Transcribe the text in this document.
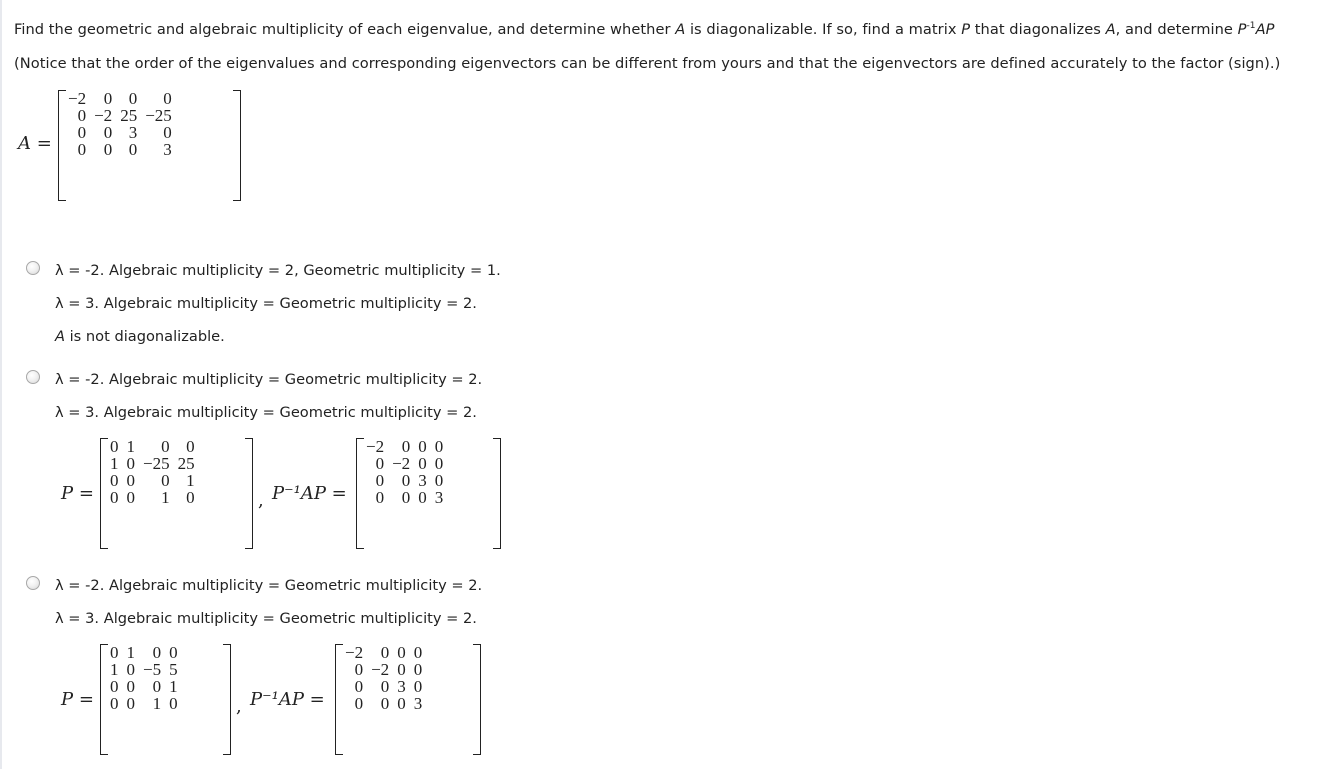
Find the geometric and algebraic multiplicity of each eigenvalue, and determine whether A is diagonalizable. If so, find a matrix P that diagonalizes A, and determine $P^{-1}AP$
(Notice that the order of the eigenvalues and corresponding eigenvectors can be different from yours and that the eigenvectors are defined accurately to the factor (sign).)
A =
−2	0	0	0
0	−2	25	−25
0	0	3	0
0	0	0	3
λ = -2. Algebraic multiplicity = 2, Geometric multiplicity = 1.
λ = 3. Algebraic multiplicity = Geometric multiplicity = 2.
A is not diagonalizable.
λ = -2. Algebraic multiplicity = Geometric multiplicity = 2.
λ = 3. Algebraic multiplicity = Geometric multiplicity = 2.
P =
0	1	0	0
1	0	−25	25
0	0	0	1
0	0	1	0	, P⁻¹AP =
−2	0	0	0
0	−2	0	0
0	0	3	0
0	0	0	3
λ = -2. Algebraic multiplicity = Geometric multiplicity = 2.
λ = 3. Algebraic multiplicity = Geometric multiplicity = 2.
P =
0	1	0	0
1	0	−5	5
0	0	0	1
0	0	1	0	, P⁻¹AP =
−2	0	0	0
0	−2	0	0
0	0	3	0
0	0	0	3
